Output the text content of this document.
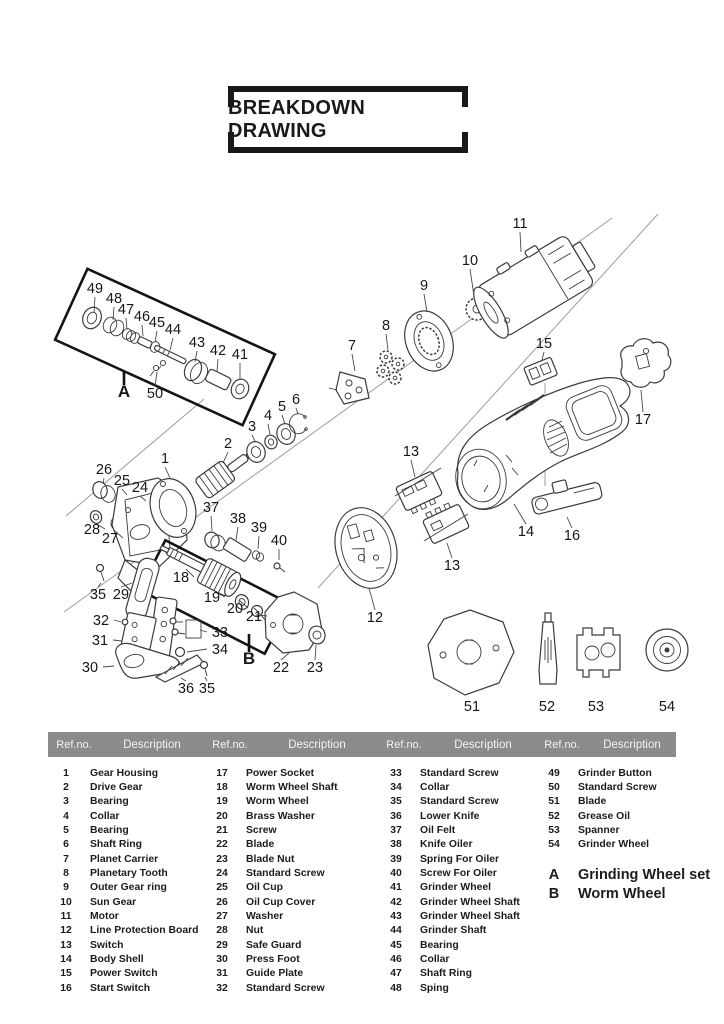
BREAKDOWN DRAWING
49
48
47 46
45 44
43 42 41
50
A
11
10
9
8
7	15
17
6
5
4
3
2
1
26
25 24
28
27
37
38
39
40
35 29
32
31
30
33
34
36 35
18
19
20 21
B 22 23
12
13
13
14 16
51	52 53	54
Ref.no.	Description	Ref.no.	Description	Ref.no.	Description	Ref.no.	Description
1	Gear Housing
2	Drive Gear
3	Bearing
4	Collar
5	Bearing
6	Shaft Ring
7	Planet Carrier
8	Planetary Tooth
9	Outer Gear ring
10	Sun Gear
11	Motor
12	Line Protection Board
13	Switch
14	Body Shell
15	Power Switch
16	Start Switch
17	Power Socket
18	Worm Wheel Shaft
19	Worm Wheel
20	Brass Washer
21	Screw
22	Blade
23	Blade Nut
24	Standard Screw
25	Oil Cup
26	Oil Cup Cover
27	Washer
28	Nut
29	Safe Guard
30	Press Foot
31	Guide Plate
32	Standard Screw
33	Standard Screw
34	Collar
35	Standard Screw
36	Lower Knife
37	Oil Felt
38	Knife Oiler
39	Spring For Oiler
40	Screw For Oiler
41	Grinder Wheel
42	Grinder Wheel Shaft
43	Grinder Wheel Shaft
44	Grinder Shaft
45	Bearing
46	Collar
47	Shaft Ring
48	Sping
49	Grinder Button
50	Standard Screw
51	Blade
52	Grease Oil
53	Spanner
54	Grinder Wheel
A	Grinding Wheel set
B	Worm Wheel
